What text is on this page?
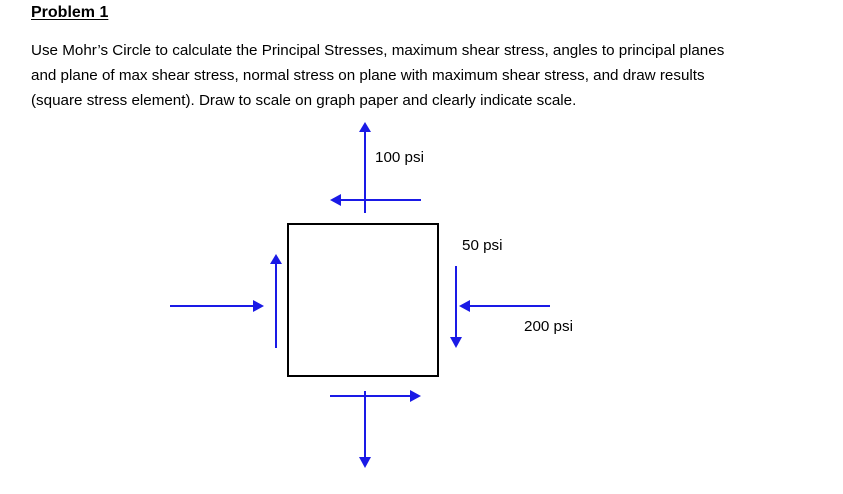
Problem 1

Use Mohr’s Circle to calculate the Principal Stresses, maximum shear stress, angles to principal planes
and plane of max shear stress, normal stress on plane with maximum shear stress, and draw results
(square stress element). Draw to scale on graph paper and clearly indicate scale.

100 psi
50 psi
200 psi
